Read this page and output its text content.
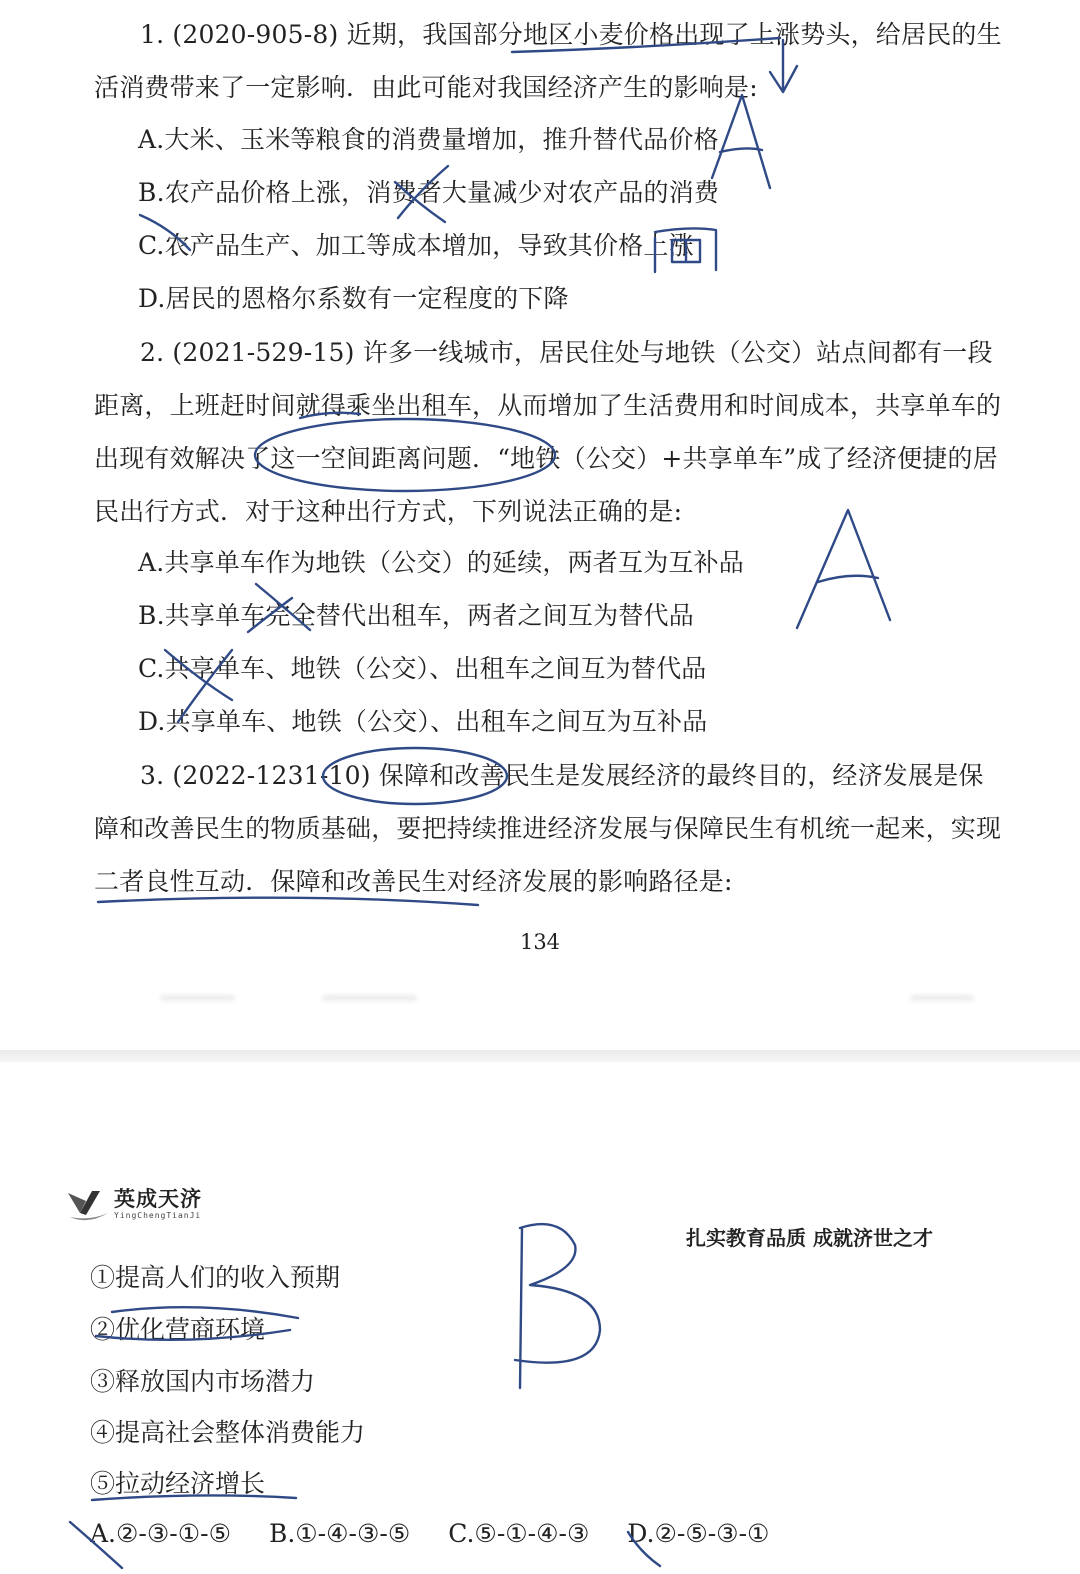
1. (2020-905-8) 近期，我国部分地区小麦价格出现了上涨势头，给居民的生活消费带来了一定影响．由此可能对我国经济产生的影响是:
A.大米、玉米等粮食的消费量增加，推升替代品价格
B.农产品价格上涨，消费者大量减少对农产品的消费
C.农产品生产、加工等成本增加，导致其价格上涨
D.居民的恩格尔系数有一定程度的下降
2. (2021-529-15) 许多一线城市，居民住处与地铁（公交）站点间都有一段距离，上班赶时间就得乘坐出租车，从而增加了生活费用和时间成本，共享单车的出现有效解决了这一空间距离问题．“地铁（公交）+共享单车”成了经济便捷的居民出行方式．对于这种出行方式，下列说法正确的是:
A.共享单车作为地铁（公交）的延续，两者互为互补品
B.共享单车完全替代出租车，两者之间互为替代品
C.共享单车、地铁（公交）、出租车之间互为替代品
D.共享单车、地铁（公交）、出租车之间互为互补品
3. (2022-1231-10) 保障和改善民生是发展经济的最终目的，经济发展是保障和改善民生的物质基础，要把持续推进经济发展与保障民生有机统一起来，实现二者良性互动．保障和改善民生对经济发展的影响路径是:
134
英成天济
YingChengTianJi
扎实教育品质 成就济世之才
①提高人们的收入预期
②优化营商环境
③释放国内市场潜力
④提高社会整体消费能力
⑤拉动经济增长
A.②-③-①-⑤ B.①-④-③-⑤ C.⑤-①-④-③ D.②-⑤-③-①
